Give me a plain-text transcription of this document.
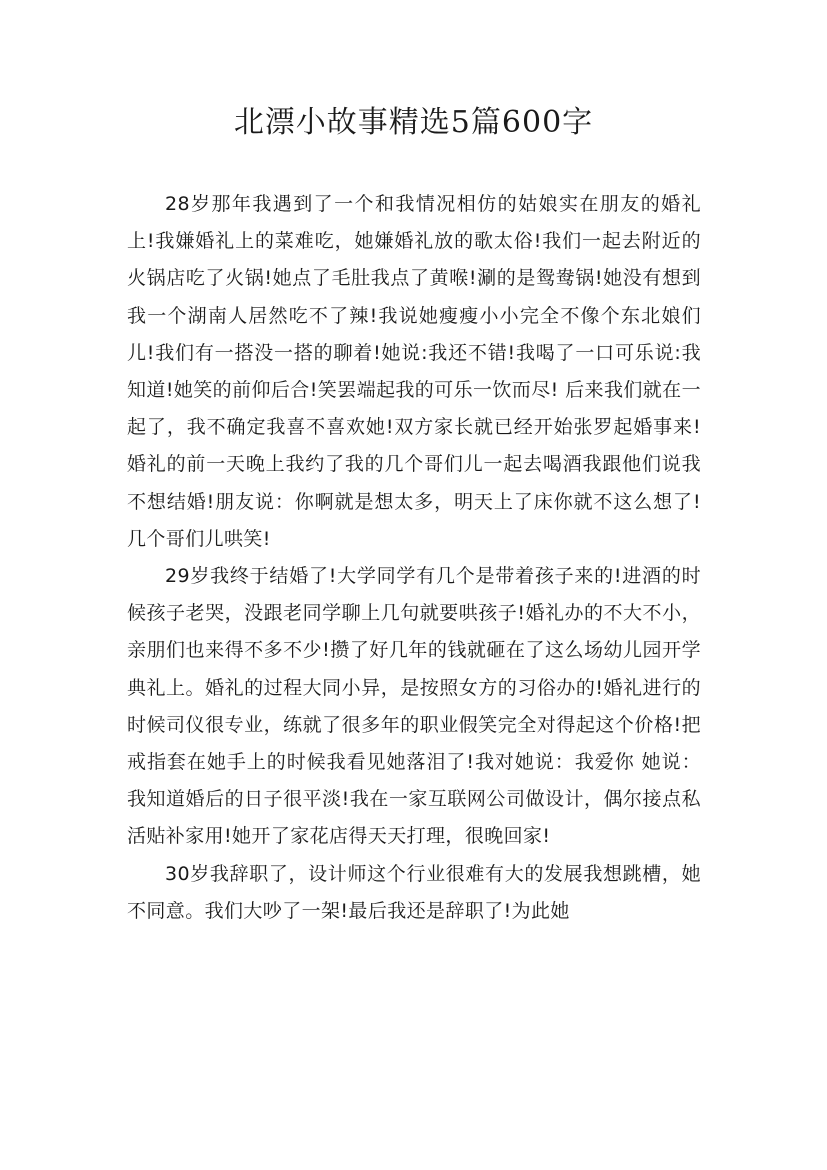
北漂小故事精选5篇600字

28岁那年我遇到了一个和我情况相仿的姑娘实在朋友的婚礼上!我嫌婚礼上的菜难吃，她嫌婚礼放的歌太俗!我们一起去附近的火锅店吃了火锅!她点了毛肚我点了黄喉!涮的是鸳鸯锅!她没有想到我一个湖南人居然吃不了辣!我说她瘦瘦小小完全不像个东北娘们儿!我们有一搭没一搭的聊着!她说:我还不错!我喝了一口可乐说:我知道!她笑的前仰后合!笑罢端起我的可乐一饮而尽! 后来我们就在一起了，我不确定我喜不喜欢她!双方家长就已经开始张罗起婚事来!婚礼的前一天晚上我约了我的几个哥们儿一起去喝酒我跟他们说我不想结婚!朋友说：你啊就是想太多，明天上了床你就不这么想了!几个哥们儿哄笑!

29岁我终于结婚了!大学同学有几个是带着孩子来的!进酒的时候孩子老哭，没跟老同学聊上几句就要哄孩子!婚礼办的不大不小，亲朋们也来得不多不少!攒了好几年的钱就砸在了这么场幼儿园开学典礼上。婚礼的过程大同小异，是按照女方的习俗办的!婚礼进行的时候司仪很专业，练就了很多年的职业假笑完全对得起这个价格!把戒指套在她手上的时候我看见她落泪了!我对她说：我爱你 她说：我知道婚后的日子很平淡!我在一家互联网公司做设计，偶尔接点私活贴补家用!她开了家花店得天天打理，很晚回家!

30岁我辞职了，设计师这个行业很难有大的发展我想跳槽，她不同意。我们大吵了一架!最后我还是辞职了!为此她
